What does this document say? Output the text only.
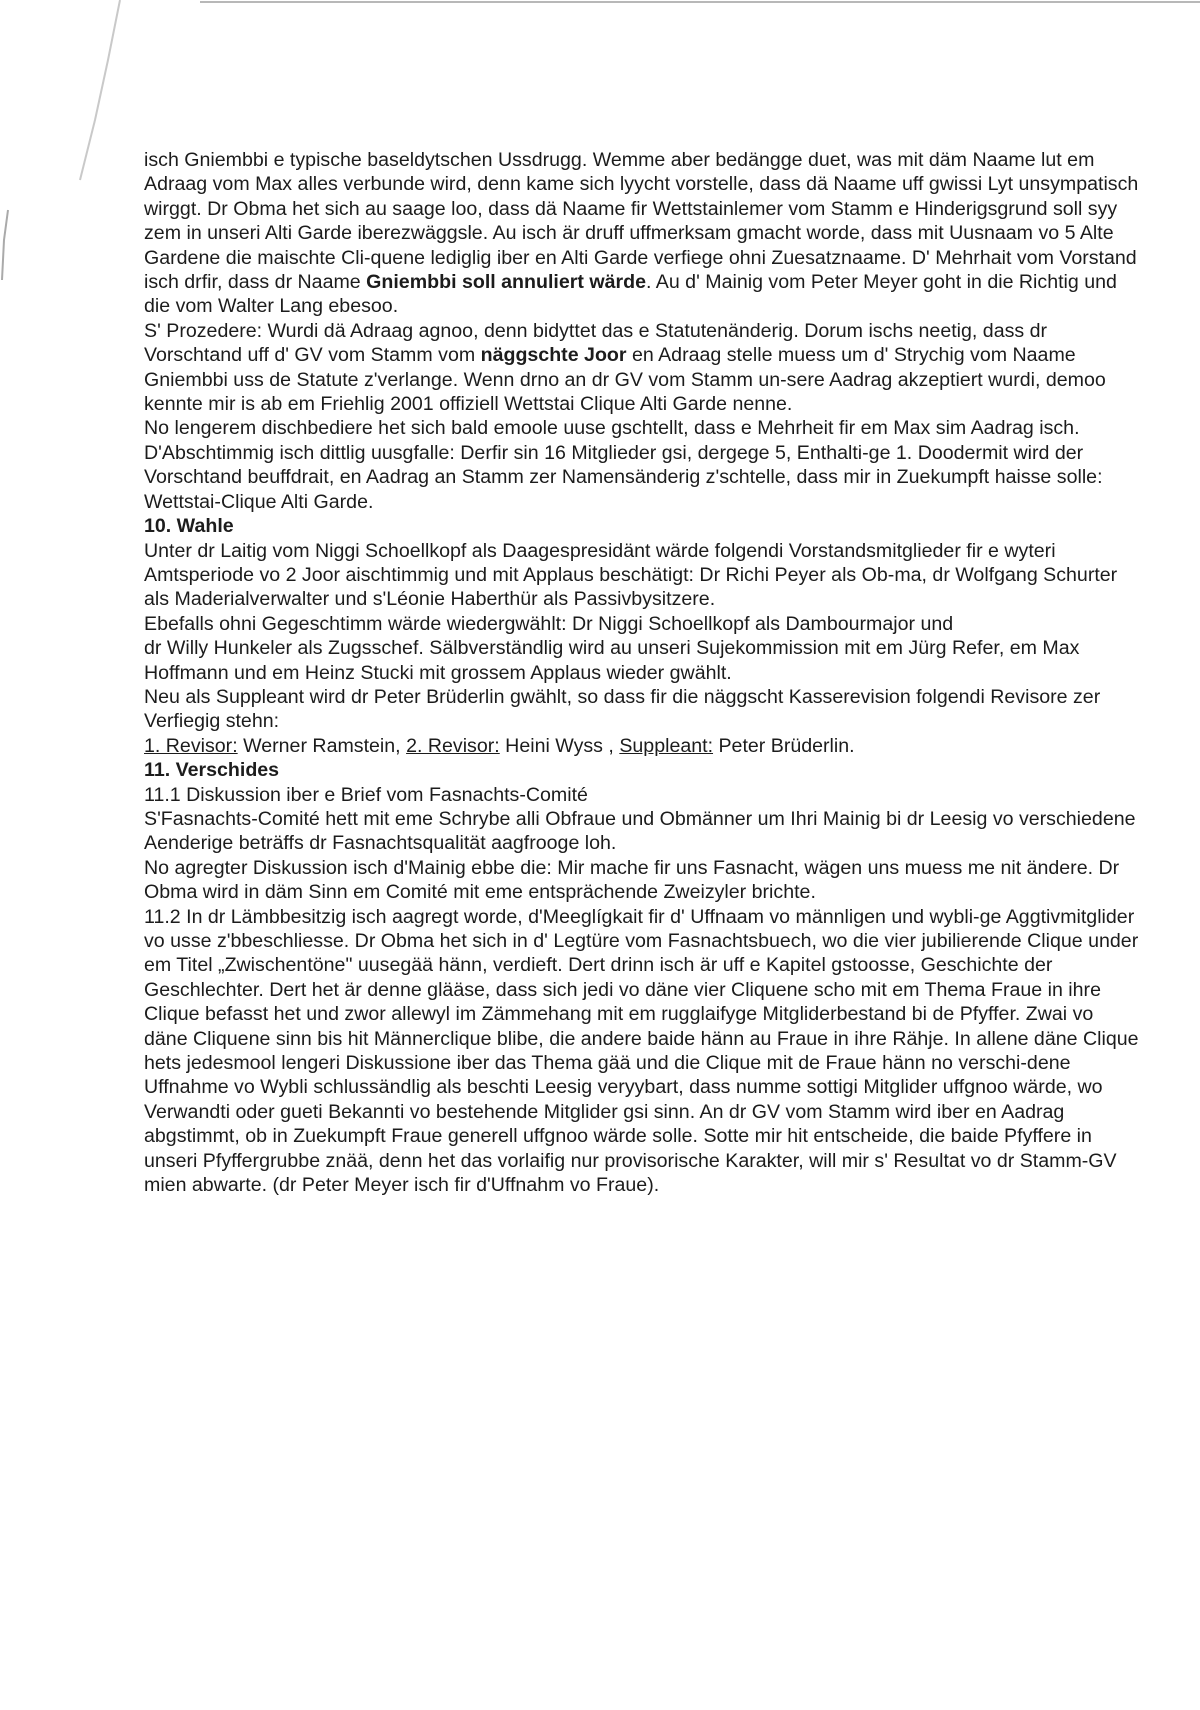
isch Gniembbi e typische baseldytschen Ussdrugg. Wemme aber bedängge duet, was mit däm Naame lut em Adraag vom Max alles verbunde wird, denn kame sich lyycht vorstelle, dass dä Naame uff gwissi Lyt unsympatisch wirggt. Dr Obma het sich au saage loo, dass dä Naame fir Wettstainlemer vom Stamm e Hinderigsgrund soll syy zem in unseri Alti Garde iberezwäggsle. Au isch är druff uffmerksam gmacht worde, dass mit Uusnaam vo 5 Alte Gardene die maischte Cli-quene lediglig iber en Alti Garde verfiege ohni Zuesatznaame. D' Mehrhait vom Vorstand isch drfir, dass dr Naame Gniembbi soll annuliert wärde. Au d' Mainig vom Peter Meyer goht in die Richtig und die vom Walter Lang ebesoo.

S' Prozedere: Wurdi dä Adraag agnoo, denn bidyttet das e Statutenänderig. Dorum ischs neetig, dass dr Vorschtand uff d' GV vom Stamm vom näggschte Joor en Adraag stelle muess um d' Strychig vom Naame Gniembbi uss de Statute z'verlange. Wenn drno an dr GV vom Stamm un-sere Aadrag akzeptiert wurdi, demoo kennte mir is ab em Friehlig 2001 offiziell Wettstai Clique Alti Garde nenne.

No lengerem dischbediere het sich bald emoole uuse gschtellt, dass e Mehrheit fir em Max sim Aadrag isch. D'Abschtimmig isch dittlig uusgfalle: Derfir sin 16 Mitglieder gsi, dergege 5, Enthalti-ge 1. Doodermit wird der Vorschtand beuffdrait, en Aadrag an Stamm zer Namensänderig z'schtelle, dass mir in Zuekumpft haisse solle: Wettstai-Clique Alti Garde.

10. Wahle

Unter dr Laitig vom Niggi Schoellkopf als Daagespresidänt wärde folgendi Vorstandsmitglieder fir e wyteri Amtsperiode vo 2 Joor aischtimmig und mit Applaus beschätigt: Dr Richi Peyer als Ob-ma, dr Wolfgang Schurter als Maderialverwalter und s'Léonie Haberthür als Passivbysitzere.

Ebefalls ohni Gegeschtimm wärde wiedergwählt: Dr Niggi Schoellkopf als Dambourmajor und
dr Willy Hunkeler als Zugsschef. Sälbverständlig wird au unseri Sujekommission mit em Jürg Refer, em Max Hoffmann und em Heinz Stucki mit grossem Applaus wieder gwählt.

Neu als Suppleant wird dr Peter Brüderlin gwählt, so dass fir die näggscht Kasserevision folgendi Revisore zer Verfiegig stehn:

1. Revisor: Werner Ramstein, 2. Revisor: Heini Wyss , Suppleant: Peter Brüderlin.

11. Verschides

11.1 Diskussion iber e Brief vom Fasnachts-Comité

S'Fasnachts-Comité hett mit eme Schrybe alli Obfraue und Obmänner um Ihri Mainig bi dr Leesig vo verschiedene Aenderige beträffs dr Fasnachtsqualität aagfrooge loh.

No agregter Diskussion isch d'Mainig ebbe die: Mir mache fir uns Fasnacht, wägen uns muess me nit ändere. Dr Obma wird in däm Sinn em Comité mit eme entsprächende Zweizyler brichte.

11.2 In dr Lämbbesitzig isch aagregt worde, d'Meeglígkait fir d' Uffnaam vo männligen und wybli-ge Aggtivmitglider vo usse z'bbeschliesse. Dr Obma het sich in d' Legtüre vom Fasnachtsbuech, wo die vier jubilierende Clique under em Titel „Zwischentöne" uusegää hänn, verdieft. Dert drinn isch är uff e Kapitel gstoosse, Geschichte der Geschlechter. Dert het är denne glääse, dass sich jedi vo däne vier Cliquene scho mit em Thema Fraue in ihre Clique befasst het und zwor allewyl im Zämmehang mit em rugglaifyge Mitgliderbestand bi de Pfyffer. Zwai vo däne Cliquene sinn bis hit Männerclique blibe, die andere baide hänn au Fraue in ihre Rähje. In allene däne Clique hets jedesmool lengeri Diskussione iber das Thema gää und die Clique mit de Fraue hänn no verschi-dene Uffnahme vo Wybli schlussändlig als beschti Leesig veryybart, dass numme sottigi Mitglider uffgnoo wärde, wo Verwandti oder gueti Bekannti vo bestehende Mitglider gsi sinn. An dr GV vom Stamm wird iber en Aadrag abgstimmt, ob in Zuekumpft Fraue generell uffgnoo wärde solle. Sotte mir hit entscheide, die baide Pfyffere in unseri Pfyffergrubbe znää, denn het das vorlaifig nur provisorische Karakter, will mir s' Resultat vo dr Stamm-GV mien abwarte. (dr Peter Meyer isch fir d'Uffnahm vo Fraue).
